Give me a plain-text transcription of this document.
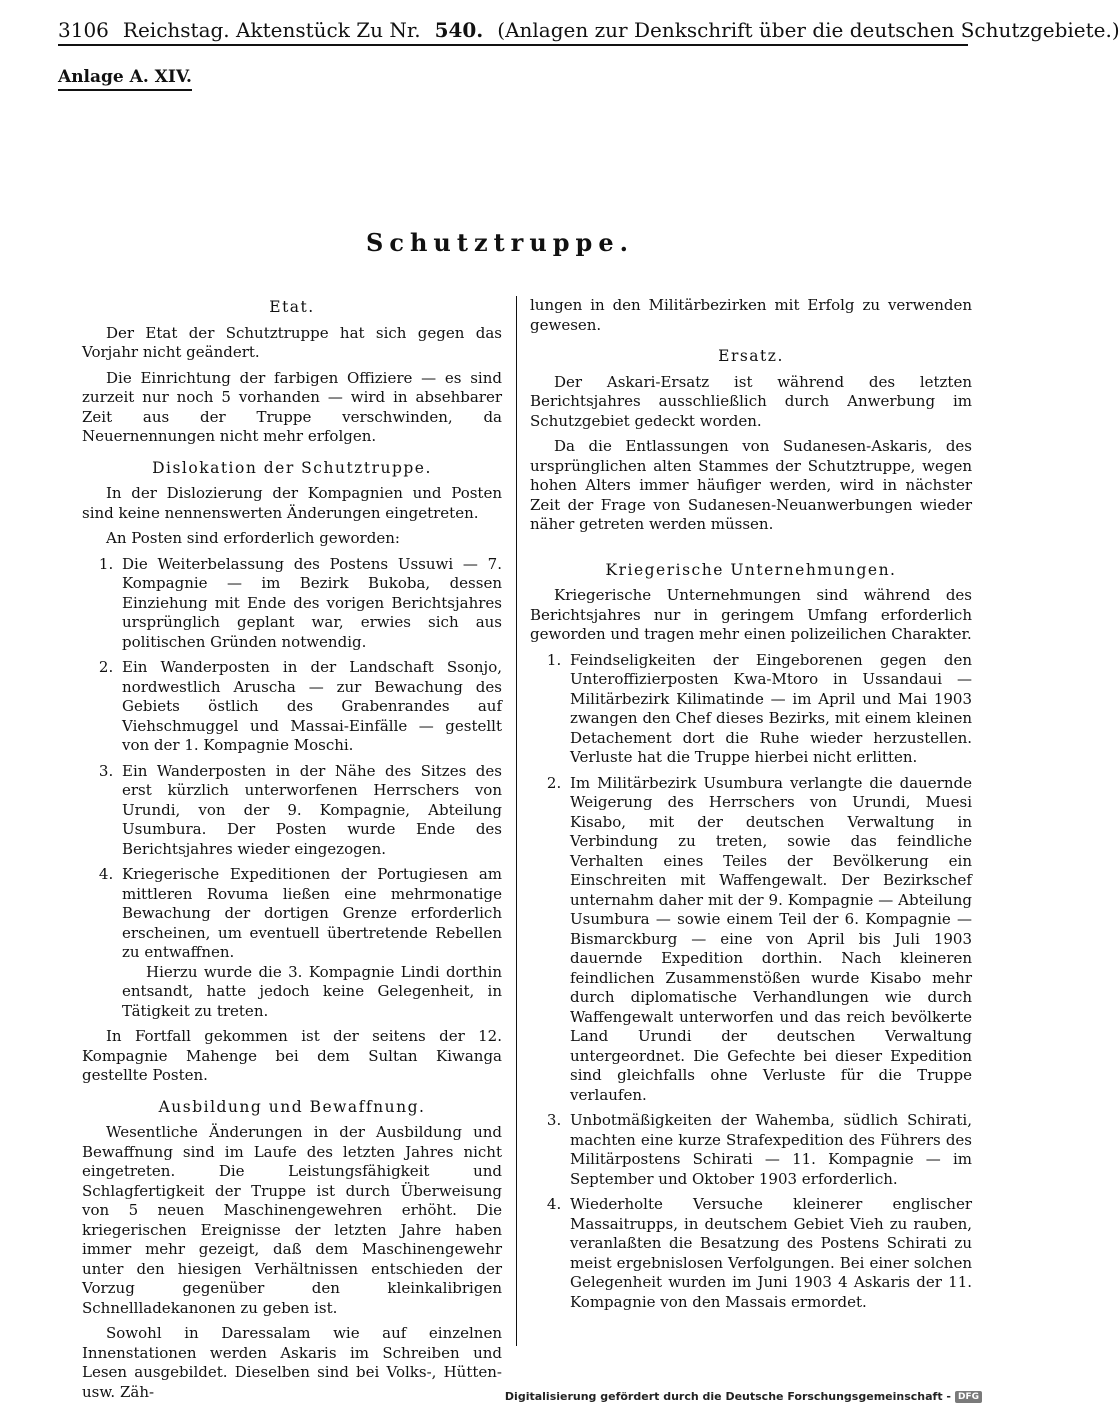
3106 Reichstag. Aktenstück Zu Nr. 540. (Anlagen zur Denkschrift über die deutschen Schutzgebiete.)
Anlage A. XIV.
Schutztruppe.
Etat.

Der Etat der Schutztruppe hat sich gegen das Vorjahr nicht geändert.

Die Einrichtung der farbigen Offiziere — es sind zurzeit nur noch 5 vorhanden — wird in absehbarer Zeit aus der Truppe verschwinden, da Neuernennungen nicht mehr erfolgen.

Dislokation der Schutztruppe.

In der Dislozierung der Kompagnien und Posten sind keine nennenswerten Änderungen eingetreten.

An Posten sind erforderlich geworden:

1. Die Weiterbelassung des Postens Ussuwi — 7. Kompagnie — im Bezirk Bukoba, dessen Einziehung mit Ende des vorigen Berichtsjahres ursprünglich geplant war, erwies sich aus politischen Gründen notwendig.
2. Ein Wanderposten in der Landschaft Ssonjo, nordwestlich Aruscha — zur Bewachung des Gebiets östlich des Grabenrandes auf Viehschmuggel und Massai-Einfälle — gestellt von der 1. Kompagnie Moschi.
3. Ein Wanderposten in der Nähe des Sitzes des erst kürzlich unterworfenen Herrschers von Urundi, von der 9. Kompagnie, Abteilung Usumbura. Der Posten wurde Ende des Berichtsjahres wieder eingezogen.
4. Kriegerische Expeditionen der Portugiesen am mittleren Rovuma ließen eine mehrmonatige Bewachung der dortigen Grenze erforderlich erscheinen, um eventuell übertretende Rebellen zu entwaffnen.

Hierzu wurde die 3. Kompagnie Lindi dorthin entsandt, hatte jedoch keine Gelegenheit, in Tätigkeit zu treten.

In Fortfall gekommen ist der seitens der 12. Kompagnie Mahenge bei dem Sultan Kiwanga gestellte Posten.

Ausbildung und Bewaffnung.

Wesentliche Änderungen in der Ausbildung und Bewaffnung sind im Laufe des letzten Jahres nicht eingetreten. Die Leistungsfähigkeit und Schlagfertigkeit der Truppe ist durch Überweisung von 5 neuen Maschinengewehren erhöht. Die kriegerischen Ereignisse der letzten Jahre haben immer mehr gezeigt, daß dem Maschinengewehr unter den hiesigen Verhältnissen entschieden der Vorzug gegenüber den kleinkalibrigen Schnellladekanonen zu geben ist.

Sowohl in Daressalam wie auf einzelnen Innenstationen werden Askaris im Schreiben und Lesen ausgebildet. Dieselben sind bei Volks-, Hütten- usw. Zäh-

lungen in den Militärbezirken mit Erfolg zu verwenden gewesen.

Ersatz.

Der Askari-Ersatz ist während des letzten Berichtsjahres ausschließlich durch Anwerbung im Schutzgebiet gedeckt worden.

Da die Entlassungen von Sudanesen-Askaris, des ursprünglichen alten Stammes der Schutztruppe, wegen hohen Alters immer häufiger werden, wird in nächster Zeit der Frage von Sudanesen-Neuanwerbungen wieder näher getreten werden müssen.

Kriegerische Unternehmungen.

Kriegerische Unternehmungen sind während des Berichtsjahres nur in geringem Umfang erforderlich geworden und tragen mehr einen polizeilichen Charakter.

1. Feindseligkeiten der Eingeborenen gegen den Unteroffizierposten Kwa-Mtoro in Ussandaui — Militärbezirk Kilimatinde — im April und Mai 1903 zwangen den Chef dieses Bezirks, mit einem kleinen Detachement dort die Ruhe wieder herzustellen. Verluste hat die Truppe hierbei nicht erlitten.
2. Im Militärbezirk Usumbura verlangte die dauernde Weigerung des Herrschers von Urundi, Muesi Kisabo, mit der deutschen Verwaltung in Verbindung zu treten, sowie das feindliche Verhalten eines Teiles der Bevölkerung ein Einschreiten mit Waffengewalt. Der Bezirkschef unternahm daher mit der 9. Kompagnie — Abteilung Usumbura — sowie einem Teil der 6. Kompagnie — Bismarckburg — eine von April bis Juli 1903 dauernde Expedition dorthin. Nach kleineren feindlichen Zusammenstößen wurde Kisabo mehr durch diplomatische Verhandlungen wie durch Waffengewalt unterworfen und das reich bevölkerte Land Urundi der deutschen Verwaltung untergeordnet. Die Gefechte bei dieser Expedition sind gleichfalls ohne Verluste für die Truppe verlaufen.
3. Unbotmäßigkeiten der Wahemba, südlich Schirati, machten eine kurze Strafexpedition des Führers des Militärpostens Schirati — 11. Kompagnie — im September und Oktober 1903 erforderlich.
4. Wiederholte Versuche kleinerer englischer Massaitrupps, in deutschem Gebiet Vieh zu rauben, veranlaßten die Besatzung des Postens Schirati zu meist ergebnislosen Verfolgungen. Bei einer solchen Gelegenheit wurden im Juni 1903 4 Askaris der 11. Kompagnie von den Massais ermordet.
Digitalisierung gefördert durch die Deutsche Forschungsgemeinschaft - DFG
